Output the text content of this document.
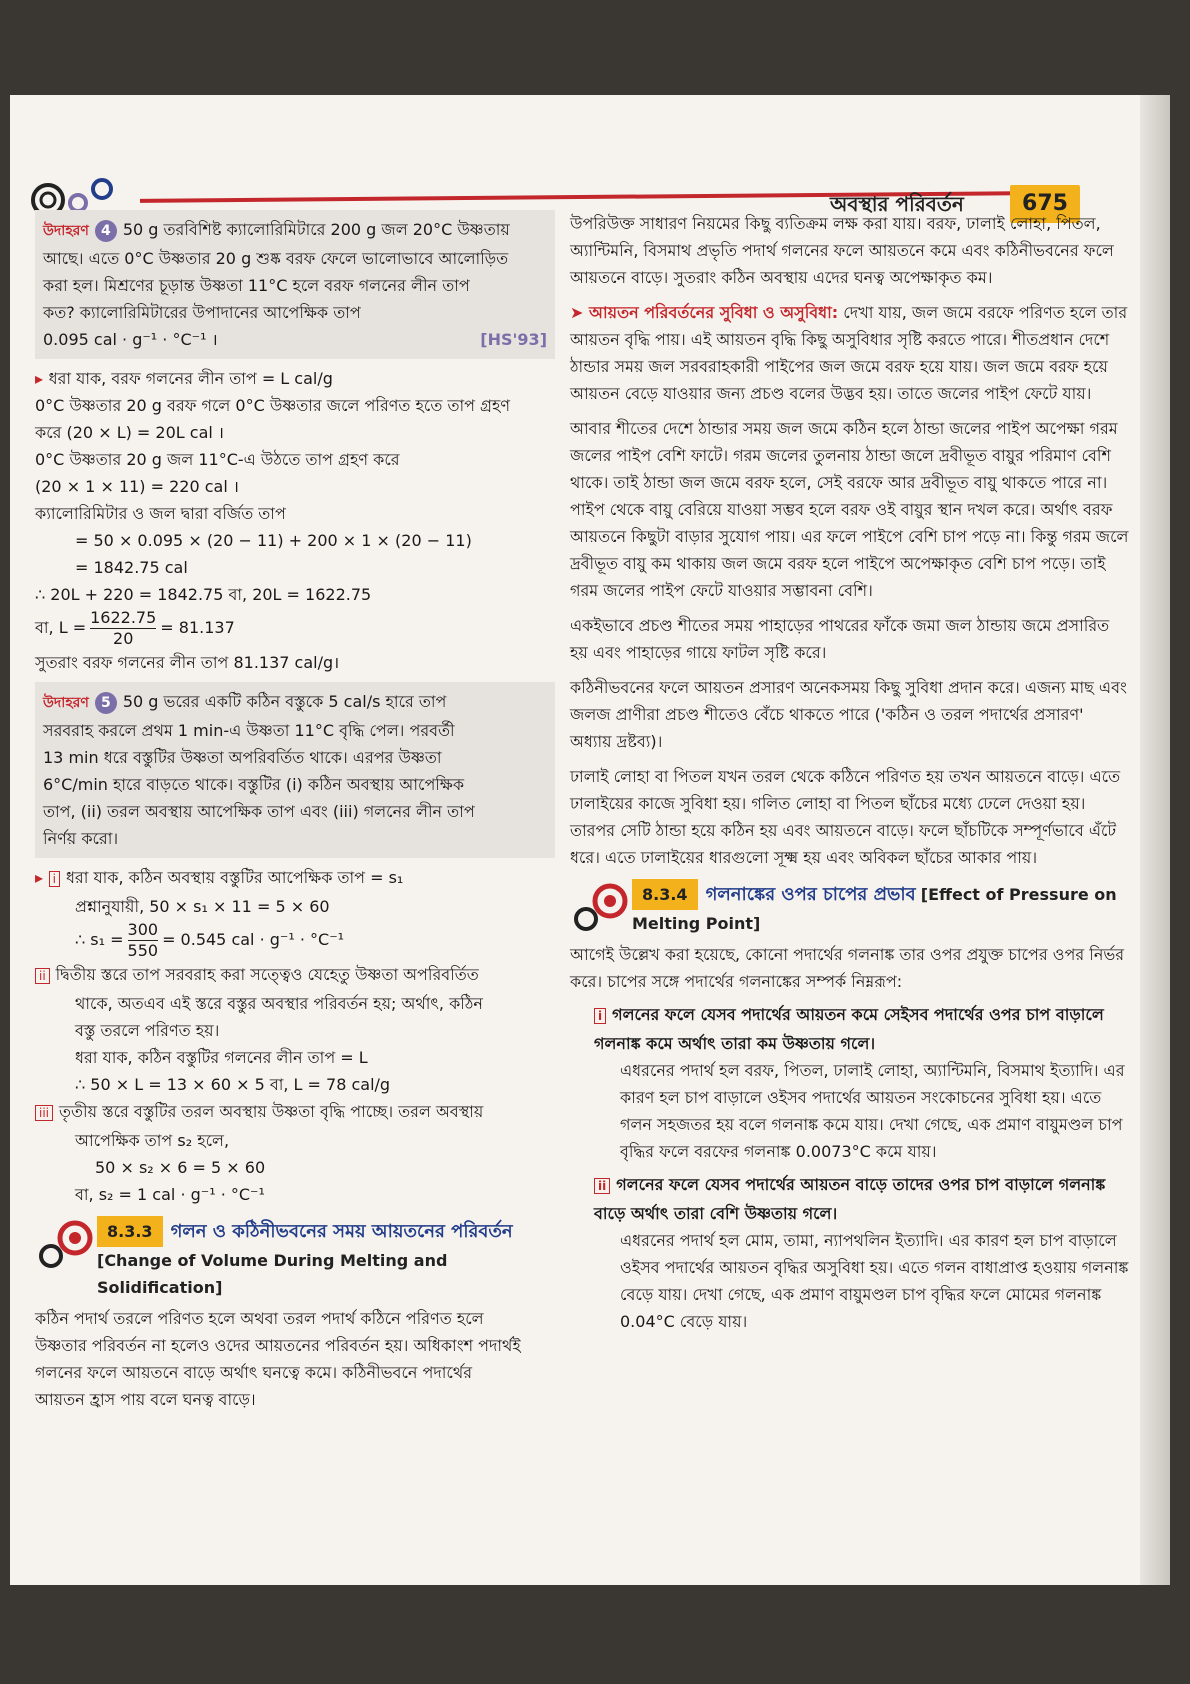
অবস্থার পরিবর্তন	675

উদাহরণ 4 50 g তরবিশিষ্ট ক্যালোরিমিটারে 200 g জল 20°C উষ্ণতায়

আছে। এতে 0°C উষ্ণতার 20 g শুষ্ক বরফ ফেলে ভালোভাবে আলোড়িত

করা হল। মিশ্রণের চূড়ান্ত উষ্ণতা 11°C হলে বরফ গলনের লীন তাপ

কত? ক্যালোরিমিটারের উপাদানের আপেক্ষিক তাপ

0.095 cal · g⁻¹ · °C⁻¹ ।	[HS'93]

▸ ধরা যাক, বরফ গলনের লীন তাপ = L cal/g

0°C উষ্ণতার 20 g বরফ গলে 0°C উষ্ণতার জলে পরিণত হতে তাপ গ্রহণ

করে (20 × L) = 20L cal ।

0°C উষ্ণতার 20 g জল 11°C-এ উঠতে তাপ গ্রহণ করে

(20 × 1 × 11) = 220 cal ।

ক্যালোরিমিটার ও জল দ্বারা বর্জিত তাপ

= 50 × 0.095 × (20 − 11) + 200 × 1 × (20 − 11)

= 1842.75 cal

∴ 20L + 220 = 1842.75 বা, 20L = 1622.75

বা, $L = \frac{1622.75}{20} = 81.137$

সুতরাং বরফ গলনের লীন তাপ 81.137 cal/g।

উদাহরণ 5 50 g ভরের একটি কঠিন বস্তুকে 5 cal/s হারে তাপ

সরবরাহ করলে প্রথম 1 min-এ উষ্ণতা 11°C বৃদ্ধি পেল। পরবর্তী

13 min ধরে বস্তুটির উষ্ণতা অপরিবর্তিত থাকে। এরপর উষ্ণতা

6°C/min হারে বাড়তে থাকে। বস্তুটির (i) কঠিন অবস্থায় আপেক্ষিক

তাপ, (ii) তরল অবস্থায় আপেক্ষিক তাপ এবং (iii) গলনের লীন তাপ

নির্ণয় করো।

▸ i ধরা যাক, কঠিন অবস্থায় বস্তুটির আপেক্ষিক তাপ = s₁

প্রশ্নানুযায়ী, 50 × s₁ × 11 = 5 × 60

∴ $s_1 = \frac{300}{550} = 0.545$ cal · g⁻¹ · °C⁻¹

ii দ্বিতীয় স্তরে তাপ সরবরাহ করা সত্ত্বেও যেহেতু উষ্ণতা অপরিবর্তিত

থাকে, অতএব এই স্তরে বস্তুর অবস্থার পরিবর্তন হয়; অর্থাৎ, কঠিন

বস্তু তরলে পরিণত হয়।

ধরা যাক, কঠিন বস্তুটির গলনের লীন তাপ = L

∴ 50 × L = 13 × 60 × 5 বা, L = 78 cal/g

iii তৃতীয় স্তরে বস্তুটির তরল অবস্থায় উষ্ণতা বৃদ্ধি পাচ্ছে। তরল অবস্থায়

আপেক্ষিক তাপ s₂ হলে,

50 × s₂ × 6 = 5 × 60

বা, s₂ = 1 cal · g⁻¹ · °C⁻¹

8.3.3 গলন ও কঠিনীভবনের সময় আয়তনের পরিবর্তন [Change of Volume During Melting and Solidification]

কঠিন পদার্থ তরলে পরিণত হলে অথবা তরল পদার্থ কঠিনে পরিণত হলে

উষ্ণতার পরিবর্তন না হলেও ওদের আয়তনের পরিবর্তন হয়। অধিকাংশ পদার্থই

গলনের ফলে আয়তনে বাড়ে অর্থাৎ ঘনত্বে কমে। কঠিনীভবনে পদার্থের

আয়তন হ্রাস পায় বলে ঘনত্ব বাড়ে।

উপরিউক্ত সাধারণ নিয়মের কিছু ব্যতিক্রম লক্ষ করা যায়। বরফ, ঢালাই লোহা, পিতল, অ্যান্টিমনি, বিসমাথ প্রভৃতি পদার্থ গলনের ফলে আয়তনে কমে এবং কঠিনীভবনের ফলে আয়তনে বাড়ে। সুতরাং কঠিন অবস্থায় এদের ঘনত্ব অপেক্ষাকৃত কম।

➤ আয়তন পরিবর্তনের সুবিধা ও অসুবিধা: দেখা যায়, জল জমে বরফে পরিণত হলে তার আয়তন বৃদ্ধি পায়। এই আয়তন বৃদ্ধি কিছু অসুবিধার সৃষ্টি করতে পারে। শীতপ্রধান দেশে ঠান্ডার সময় জল সরবরাহকারী পাইপের জল জমে বরফ হয়ে যায়। জল জমে বরফ হয়ে আয়তন বেড়ে যাওয়ার জন্য প্রচণ্ড বলের উদ্ভব হয়। তাতে জলের পাইপ ফেটে যায়।

আবার শীতের দেশে ঠান্ডার সময় জল জমে কঠিন হলে ঠান্ডা জলের পাইপ অপেক্ষা গরম জলের পাইপ বেশি ফাটে। গরম জলের তুলনায় ঠান্ডা জলে দ্রবীভূত বায়ুর পরিমাণ বেশি থাকে। তাই ঠান্ডা জল জমে বরফ হলে, সেই বরফে আর দ্রবীভূত বায়ু থাকতে পারে না। পাইপ থেকে বায়ু বেরিয়ে যাওয়া সম্ভব হলে বরফ ওই বায়ুর স্থান দখল করে। অর্থাৎ বরফ আয়তনে কিছুটা বাড়ার সুযোগ পায়। এর ফলে পাইপে বেশি চাপ পড়ে না। কিন্তু গরম জলে দ্রবীভূত বায়ু কম থাকায় জল জমে বরফ হলে পাইপে অপেক্ষাকৃত বেশি চাপ পড়ে। তাই গরম জলের পাইপ ফেটে যাওয়ার সম্ভাবনা বেশি।

একইভাবে প্রচণ্ড শীতের সময় পাহাড়ের পাথরের ফাঁকে জমা জল ঠান্ডায় জমে প্রসারিত হয় এবং পাহাড়ের গায়ে ফাটল সৃষ্টি করে।

কঠিনীভবনের ফলে আয়তন প্রসারণ অনেকসময় কিছু সুবিধা প্রদান করে। এজন্য মাছ এবং জলজ প্রাণীরা প্রচণ্ড শীতেও বেঁচে থাকতে পারে ('কঠিন ও তরল পদার্থের প্রসারণ' অধ্যায় দ্রষ্টব্য)।

ঢালাই লোহা বা পিতল যখন তরল থেকে কঠিনে পরিণত হয় তখন আয়তনে বাড়ে। এতে ঢালাইয়ের কাজে সুবিধা হয়। গলিত লোহা বা পিতল ছাঁচের মধ্যে ঢেলে দেওয়া হয়। তারপর সেটি ঠান্ডা হয়ে কঠিন হয় এবং আয়তনে বাড়ে। ফলে ছাঁচটিকে সম্পূর্ণভাবে এঁটে ধরে। এতে ঢালাইয়ের ধারগুলো সূক্ষ্ম হয় এবং অবিকল ছাঁচের আকার পায়।

8.3.4 গলনাঙ্কের ওপর চাপের প্রভাব [Effect of Pressure on Melting Point]

আগেই উল্লেখ করা হয়েছে, কোনো পদার্থের গলনাঙ্ক তার ওপর প্রযুক্ত চাপের ওপর নির্ভর করে। চাপের সঙ্গে পদার্থের গলনাঙ্কের সম্পর্ক নিম্নরূপ:

i গলনের ফলে যেসব পদার্থের আয়তন কমে সেইসব পদার্থের ওপর চাপ বাড়ালে গলনাঙ্ক কমে অর্থাৎ তারা কম উষ্ণতায় গলে।

এধরনের পদার্থ হল বরফ, পিতল, ঢালাই লোহা, অ্যান্টিমনি, বিসমাথ ইত্যাদি। এর কারণ হল চাপ বাড়ালে ওইসব পদার্থের আয়তন সংকোচনের সুবিধা হয়। এতে গলন সহজতর হয় বলে গলনাঙ্ক কমে যায়। দেখা গেছে, এক প্রমাণ বায়ুমণ্ডল চাপ বৃদ্ধির ফলে বরফের গলনাঙ্ক 0.0073°C কমে যায়।

ii গলনের ফলে যেসব পদার্থের আয়তন বাড়ে তাদের ওপর চাপ বাড়ালে গলনাঙ্ক বাড়ে অর্থাৎ তারা বেশি উষ্ণতায় গলে।

এধরনের পদার্থ হল মোম, তামা, ন্যাপথলিন ইত্যাদি। এর কারণ হল চাপ বাড়ালে ওইসব পদার্থের আয়তন বৃদ্ধির অসুবিধা হয়। এতে গলন বাধাপ্রাপ্ত হওয়ায় গলনাঙ্ক বেড়ে যায়। দেখা গেছে, এক প্রমাণ বায়ুমণ্ডল চাপ বৃদ্ধির ফলে মোমের গলনাঙ্ক 0.04°C বেড়ে যায়।
